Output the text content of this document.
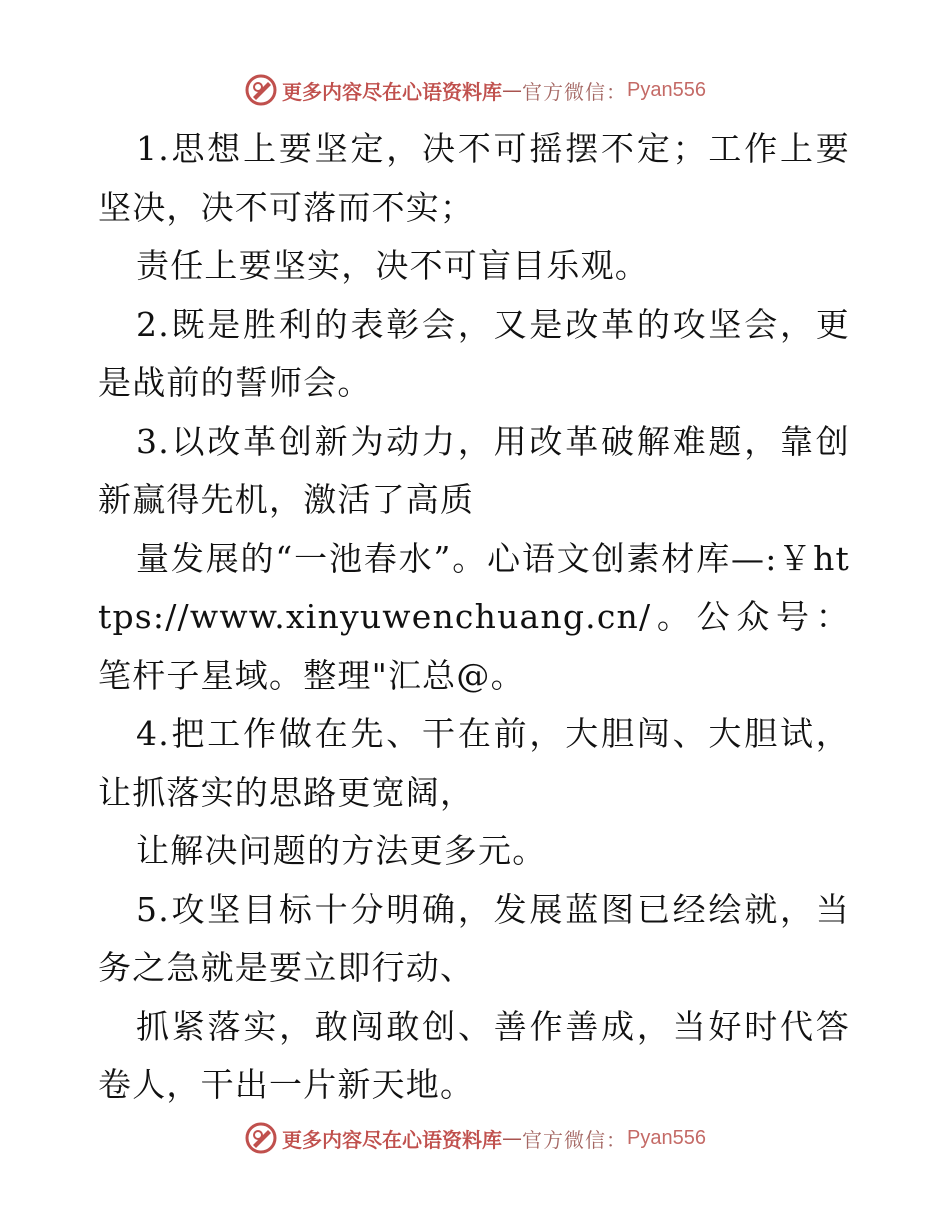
更多内容尽在心语资料库 — 官方微信： Pyan556

1.思想上要坚定，决不可摇摆不定；工作上要坚决，决不可落而不实；

责任上要坚实，决不可盲目乐观。

2.既是胜利的表彰会，又是改革的攻坚会，更是战前的誓师会。

3.以改革创新为动力，用改革破解难题，靠创新赢得先机，激活了高质

量发展的“一池春水”。心语文创素材库—:￥https://www.xinyuwenchuang.cn/。公众号：笔杆子星域。整理"汇总@。

4.把工作做在先、干在前，大胆闯、大胆试，让抓落实的思路更宽阔，

让解决问题的方法更多元。

5.攻坚目标十分明确，发展蓝图已经绘就，当务之急就是要立即行动、

抓紧落实，敢闯敢创、善作善成，当好时代答卷人，干出一片新天地。

更多内容尽在心语资料库 — 官方微信： Pyan556
